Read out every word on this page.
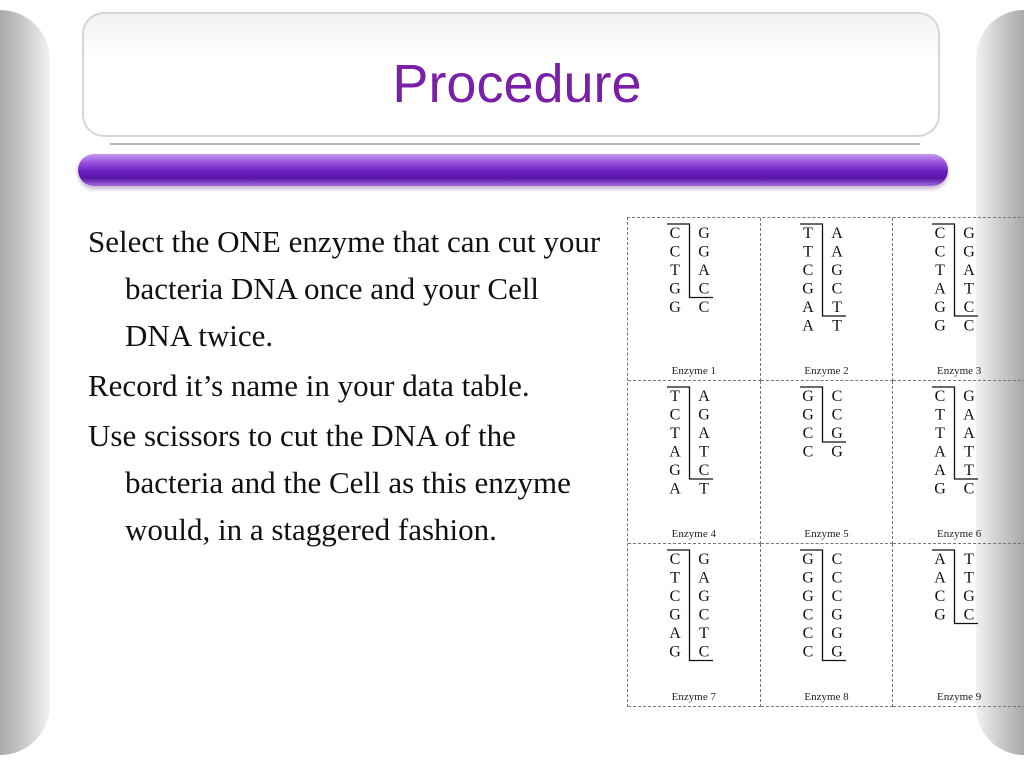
Procedure

Select the ONE enzyme that can cut your bacteria DNA once and your Cell DNA twice.

Record it’s name in your data table.

Use scissors to cut the DNA of the bacteria and the Cell as this enzyme would, in a staggered fashion.

C G
C G
T A
G C
G C
Enzyme 1
T A
T A
C G
G C
A T
A T
Enzyme 2
C G
C G
T A
A T
G C
G C
Enzyme 3
T A
C G
T A
A T
G C
A T
Enzyme 4
G C
G C
C G
C G
Enzyme 5
C G
T A
T A
A T
A T
G C
Enzyme 6
C G
T A
C G
G C
A T
G C
Enzyme 7
G C
G C
G C
C G
C G
C G
Enzyme 8
A T
A T
C G
G C
Enzyme 9
